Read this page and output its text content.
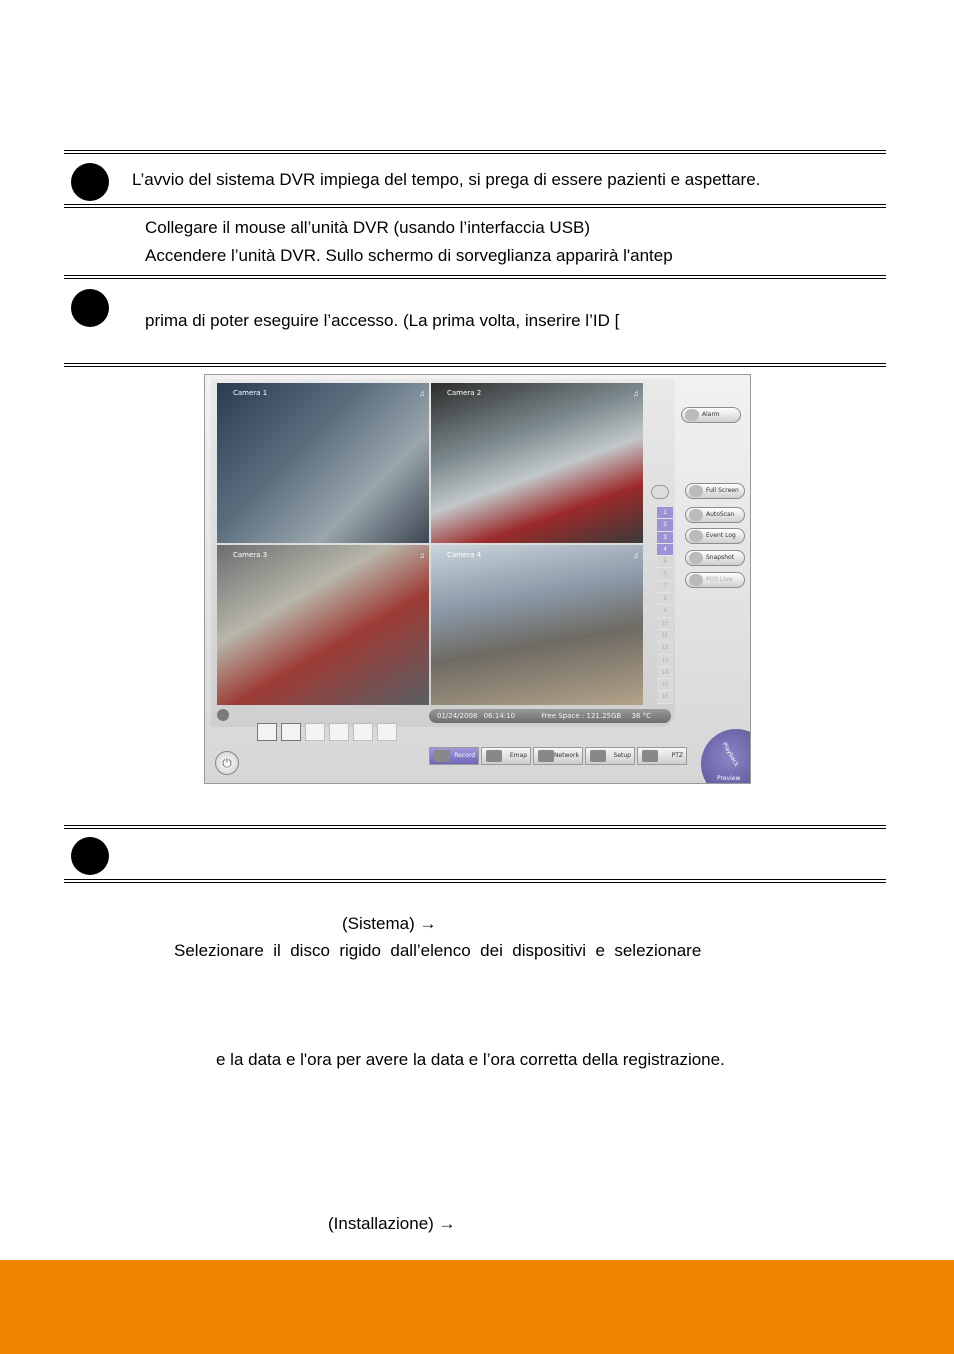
L’avvio del sistema DVR impiega del tempo, si prega di essere pazienti e aspettare.
Collegare il mouse all’unità DVR (usando l’interfaccia USB)
Accendere l’unità DVR. Sullo schermo di sorveglianza apparirà l'antep
prima di poter eseguire l’accesso. (La prima volta, inserire l’ID [
Camera 1	♫	Camera 2	♫
Camera 3	♫	Camera 4	♫
1
2
3
4
5
6
7
8
9
10
11
12
13
14
15
16
Alarm
Full Screen
AutoScan
Event Log
Snapshot
POS Live
01/24/2008 06:14:10	Free Space : 121.25GB 38 °C
⏻
Record	Emap	Network	Setup	PTZ	Playback
Preview
(Sistema) →
Selezionare  il  disco  rigido  dall’elenco  dei  dispositivi  e  selezionare
e la data e l'ora per avere la data e l’ora corretta della registrazione.
(Installazione) →
